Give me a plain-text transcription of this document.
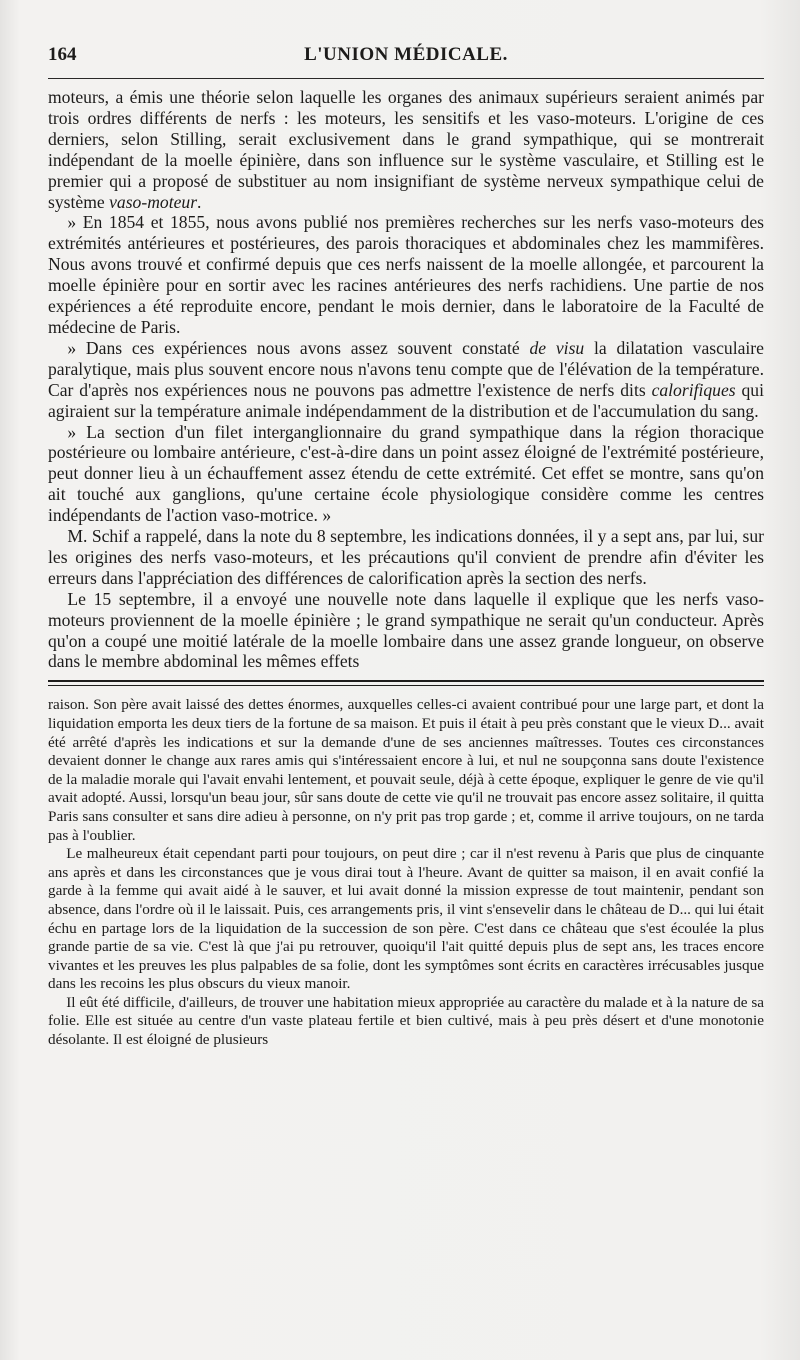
164	L'UNION MÉDICALE.

moteurs, a émis une théorie selon laquelle les organes des animaux supérieurs seraient animés par trois ordres différents de nerfs : les moteurs, les sensitifs et les vaso-moteurs. L'origine de ces derniers, selon Stilling, serait exclusivement dans le grand sympathique, qui se montrerait indépendant de la moelle épinière, dans son influence sur le système vasculaire, et Stilling est le premier qui a proposé de substituer au nom insignifiant de système nerveux sympathique celui de système vaso-moteur.

» En 1854 et 1855, nous avons publié nos premières recherches sur les nerfs vaso-moteurs des extrémités antérieures et postérieures, des parois thoraciques et abdominales chez les mammifères. Nous avons trouvé et confirmé depuis que ces nerfs naissent de la moelle allongée, et parcourent la moelle épinière pour en sortir avec les racines antérieures des nerfs rachidiens. Une partie de nos expériences a été reproduite encore, pendant le mois dernier, dans le laboratoire de la Faculté de médecine de Paris.

» Dans ces expériences nous avons assez souvent constaté de visu la dilatation vasculaire paralytique, mais plus souvent encore nous n'avons tenu compte que de l'élévation de la température. Car d'après nos expériences nous ne pouvons pas admettre l'existence de nerfs dits calorifiques qui agiraient sur la température animale indépendamment de la distribution et de l'accumulation du sang.

» La section d'un filet interganglionnaire du grand sympathique dans la région thoracique postérieure ou lombaire antérieure, c'est-à-dire dans un point assez éloigné de l'extrémité postérieure, peut donner lieu à un échauffement assez étendu de cette extrémité. Cet effet se montre, sans qu'on ait touché aux ganglions, qu'une certaine école physiologique considère comme les centres indépendants de l'action vaso-motrice. »

M. Schif a rappelé, dans la note du 8 septembre, les indications données, il y a sept ans, par lui, sur les origines des nerfs vaso-moteurs, et les précautions qu'il convient de prendre afin d'éviter les erreurs dans l'appréciation des différences de calorification après la section des nerfs.

Le 15 septembre, il a envoyé une nouvelle note dans laquelle il explique que les nerfs vaso-moteurs proviennent de la moelle épinière ; le grand sympathique ne serait qu'un conducteur. Après qu'on a coupé une moitié latérale de la moelle lombaire dans une assez grande longueur, on observe dans le membre abdominal les mêmes effets

raison. Son père avait laissé des dettes énormes, auxquelles celles-ci avaient contribué pour une large part, et dont la liquidation emporta les deux tiers de la fortune de sa maison. Et puis il était à peu près constant que le vieux D... avait été arrêté d'après les indications et sur la demande d'une de ses anciennes maîtresses. Toutes ces circonstances devaient donner le change aux rares amis qui s'intéressaient encore à lui, et nul ne soupçonna sans doute l'existence de la maladie morale qui l'avait envahi lentement, et pouvait seule, déjà à cette époque, expliquer le genre de vie qu'il avait adopté. Aussi, lorsqu'un beau jour, sûr sans doute de cette vie qu'il ne trouvait pas encore assez solitaire, il quitta Paris sans consulter et sans dire adieu à personne, on n'y prit pas trop garde ; et, comme il arrive toujours, on ne tarda pas à l'oublier.

Le malheureux était cependant parti pour toujours, on peut dire ; car il n'est revenu à Paris que plus de cinquante ans après et dans les circonstances que je vous dirai tout à l'heure. Avant de quitter sa maison, il en avait confié la garde à la femme qui avait aidé à le sauver, et lui avait donné la mission expresse de tout maintenir, pendant son absence, dans l'ordre où il le laissait. Puis, ces arrangements pris, il vint s'ensevelir dans le château de D... qui lui était échu en partage lors de la liquidation de la succession de son père. C'est dans ce château que s'est écoulée la plus grande partie de sa vie. C'est là que j'ai pu retrouver, quoiqu'il l'ait quitté depuis plus de sept ans, les traces encore vivantes et les preuves les plus palpables de sa folie, dont les symptômes sont écrits en caractères irrécusables jusque dans les recoins les plus obscurs du vieux manoir.

Il eût été difficile, d'ailleurs, de trouver une habitation mieux appropriée au caractère du malade et à la nature de sa folie. Elle est située au centre d'un vaste plateau fertile et bien cultivé, mais à peu près désert et d'une monotonie désolante. Il est éloigné de plusieurs
